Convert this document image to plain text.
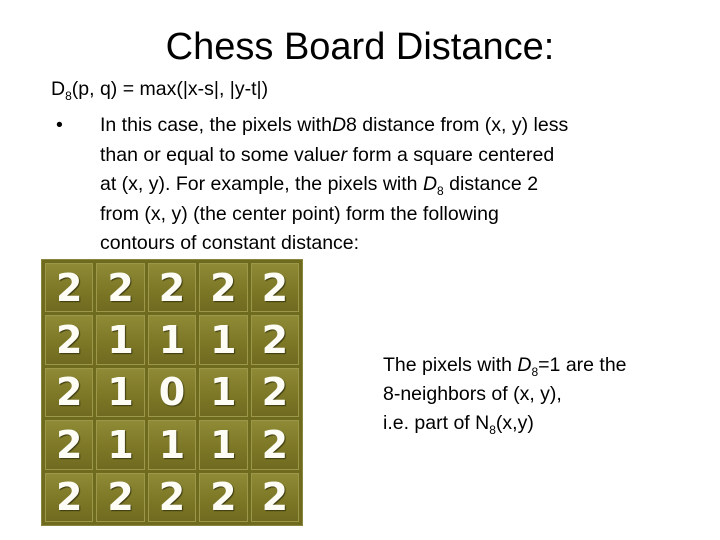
Chess Board Distance:
$D_8(p$, q) = max(|x-s|, |y-t|)
• In this case, the pixels withD8 distance from (x, y) less
than or equal to some valuer form a square centered
at (x, y). For example, the pixels with $D_8$ distance 2
from (x, y) (the center point) form the following
contours of constant distance:
2 2 2 2 2
2 1 1 1 2
2 1 0 1 2
2 1 1 1 2
2 2 2 2 2
The pixels with $D_8=1$ are the
8-neighbors of (x, y),
i.e. part of $N_8(x,y)$
